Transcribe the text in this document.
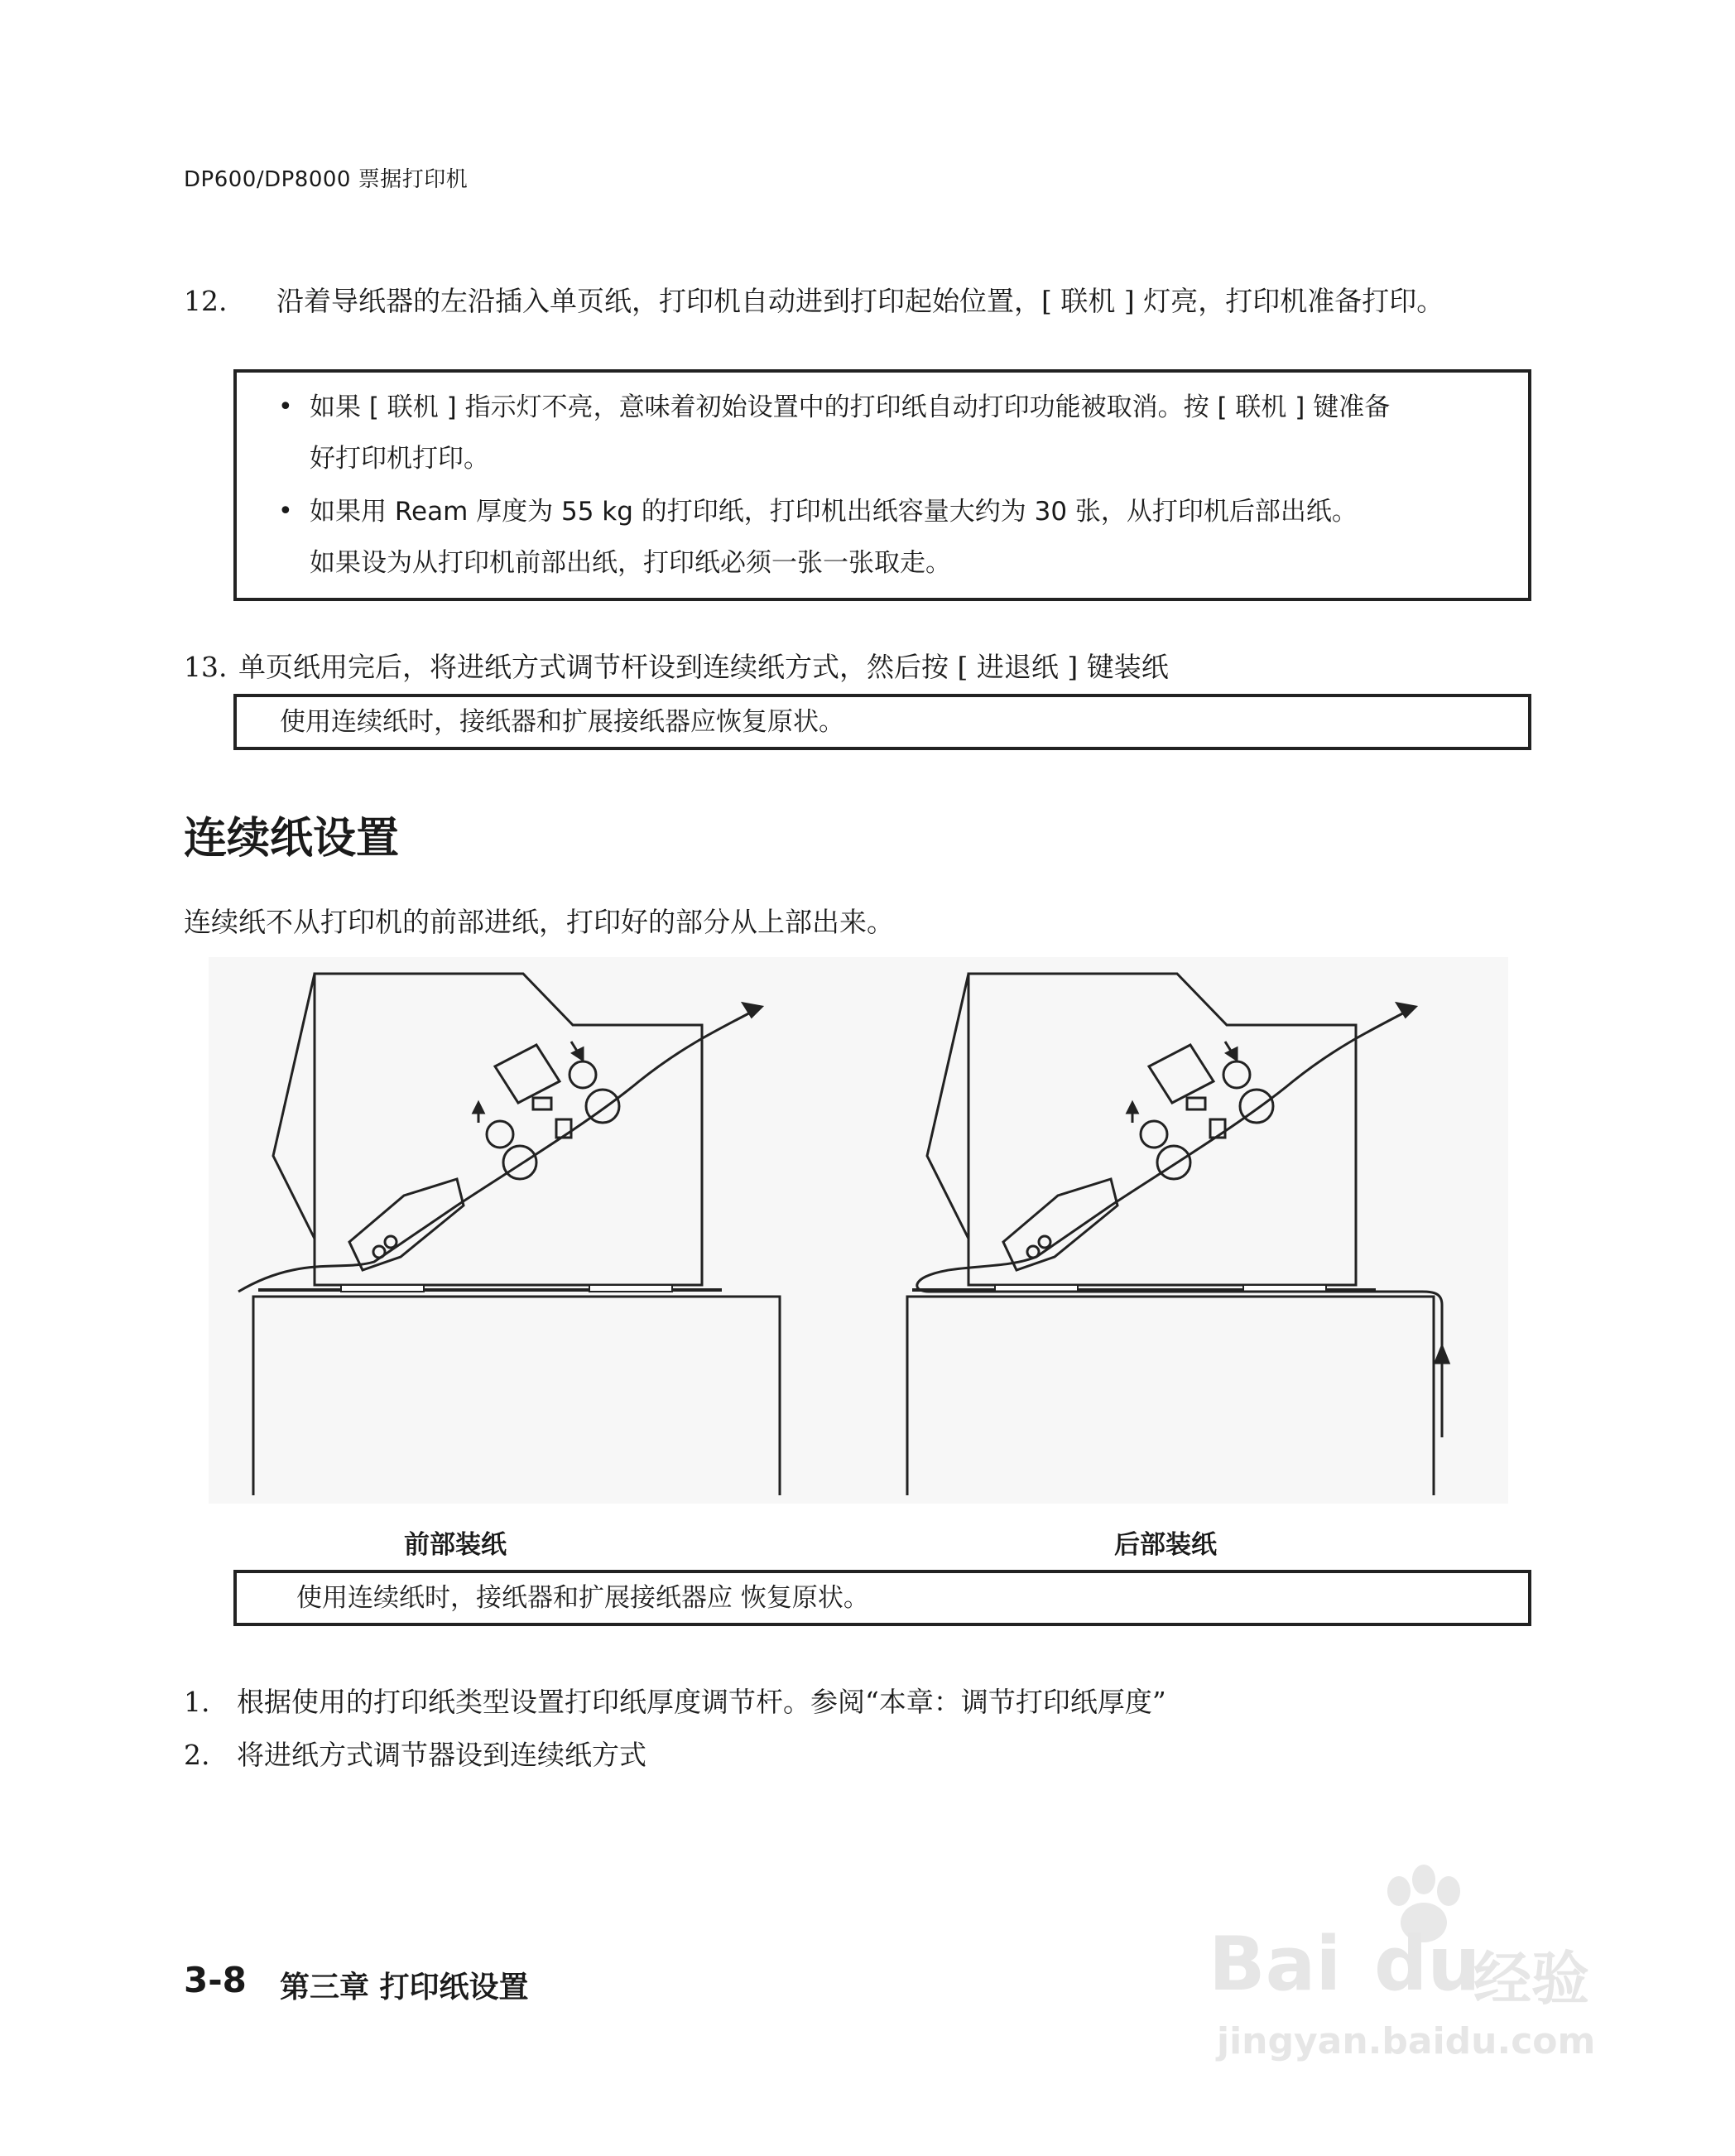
DP600/DP8000 票据打印机
12. 沿着导纸器的左沿插入单页纸，打印机自动进到打印起始位置，[ 联机 ] 灯亮，打印机准备打印。
• 如果 [ 联机 ] 指示灯不亮，意味着初始设置中的打印纸自动打印功能被取消。按 [ 联机 ] 键准备
好打印机打印。
• 如果用 Ream 厚度为 55 kg 的打印纸，打印机出纸容量大约为 30 张，从打印机后部出纸。
如果设为从打印机前部出纸，打印纸必须一张一张取走。
13. 单页纸用完后，将进纸方式调节杆设到连续纸方式，然后按 [ 进退纸 ] 键装纸
使用连续纸时，接纸器和扩展接纸器应恢复原状。
连续纸设置
连续纸不从打印机的前部进纸，打印好的部分从上部出来。
前部装纸	后部装纸
使用连续纸时，接纸器和扩展接纸器应 恢复原状。
1. 根据使用的打印纸类型设置打印纸厚度调节杆。参阅“本章：调节打印纸厚度”
2. 将进纸方式调节器设到连续纸方式
3-8 第三章 打印纸设置	Bai du
经验
jingyan.baidu.com
